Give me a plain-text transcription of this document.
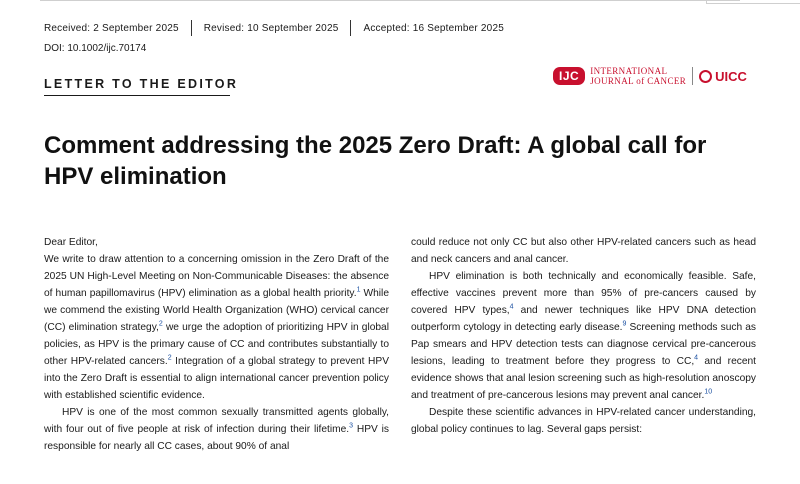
Received: 2 September 2025	Revised: 10 September 2025	Accepted: 16 September 2025
DOI: 10.1002/ijc.70174
LETTER TO THE EDITOR
IJC	INTERNATIONAL
JOURNAL of CANCER UICC
Comment addressing the 2025 Zero Draft: A global call for HPV elimination

Dear Editor,

We write to draw attention to a concerning omission in the Zero Draft of the 2025 UN High-Level Meeting on Non-Communicable Diseases: the absence of human papillomavirus (HPV) elimination as a global health priority.$^1$ While we commend the existing World Health Organization (WHO) cervical cancer (CC) elimination strategy,$^2$ we urge the adoption of prioritizing HPV in global policies, as HPV is the primary cause of CC and contributes substantially to other HPV-related cancers.$^2$ Integration of a global strategy to prevent HPV into the Zero Draft is essential to align international cancer prevention policy with established scientific evidence.

HPV is one of the most common sexually transmitted agents globally, with four out of five people at risk of infection during their lifetime.$^3$ HPV is responsible for nearly all CC cases, about 90% of anal

could reduce not only CC but also other HPV-related cancers such as head and neck cancers and anal cancer.

HPV elimination is both technically and economically feasible. Safe, effective vaccines prevent more than 95% of pre-cancers caused by covered HPV types,$^4$ and newer techniques like HPV DNA detection outperform cytology in detecting early disease.$^9$ Screening methods such as Pap smears and HPV detection tests can diagnose cervical pre-cancerous lesions, leading to treatment before they progress to CC,$^4$ and recent evidence shows that anal lesion screening such as high-resolution anoscopy and treatment of pre-cancerous lesions may prevent anal cancer.$^{10}$

Despite these scientific advances in HPV-related cancer understanding, global policy continues to lag. Several gaps persist:
